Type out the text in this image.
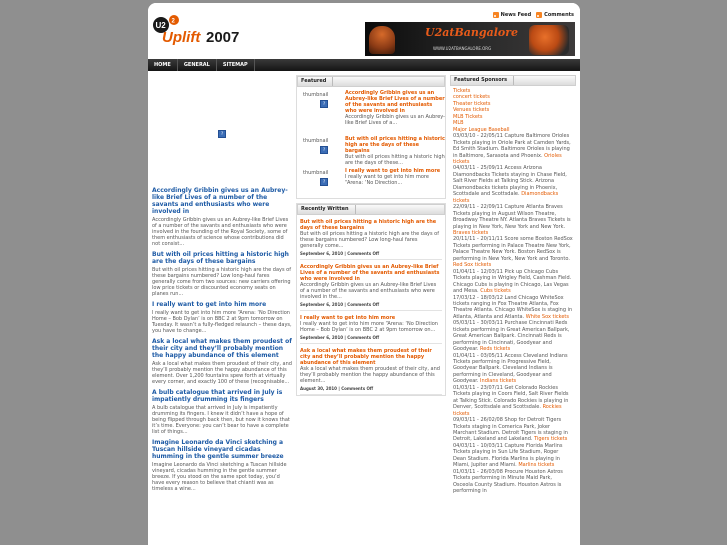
U2 2
Uplift 2007
News Feed	Comments
U2atBangalore
WWW.U2ATBANGALORE.ORG
HOME	GENERAL	SITEMAP
?
Accordingly Gribbin gives us an Aubrey-like Brief Lives of a number of the savants and enthusiasts who were involved in
Accordingly Gribbin gives us an Aubrey-like Brief Lives of a number of the savants and enthusiasts who were involved in the founding of the Royal Society, some of them enthusiasts of science whose contributions did not consist...
But with oil prices hitting a historic high are the days of these bargains
But with oil prices hitting a historic high are the days of these bargains numbered? Low long-haul fares generally come from two sources: new carriers offering low price tickets or discounted economy seats on planes run...
I really want to get into him more
I really want to get into him more “Arena: ‘No Direction Home – Bob Dylan’ is on BBC 2 at 9pm tomorrow on Tuesday. It wasn’t a fully-fledged relaunch – these days, you have to change...
Ask a local what makes them proudest of their city and they’ll probably mention the happy abundance of this element
Ask a local what makes them proudest of their city, and they’ll probably mention the happy abundance of this element. Over 1,200 fountains spew forth at virtually every corner, and exactly 100 of these (recognisable...
A bulb catalogue that arrived in July is impatiently drumming its fingers
A bulb catalogue that arrived in July is impatiently drumming its fingers. I knew it didn’t have a hope of being flipped through back then, but now it knows that it’s time. Everyone: you can’t bear to have a complete list of things...
Imagine Leonardo da Vinci sketching a Tuscan hillside vineyard cicadas humming in the gentle summer breeze
Imagine Leonardo da Vinci sketching a Tuscan hillside vineyard, cicadas humming in the gentle summer breeze. If you stood on the same spot today, you’d have every reason to believe that chianti was as timeless a wine...
Featured
thumbnail
?
Accordingly Gribbin gives us an Aubrey-like Brief Lives of a number of the savants and enthusiasts who were involved in
Accordingly Gribbin gives us an Aubrey-like Brief Lives of a...
thumbnail
?
But with oil prices hitting a historic high are the days of these bargains
But with oil prices hitting a historic high are the days of these...
thumbnail
?
I really want to get into him more
I really want to get into him more “Arena: ‘No Direction...
Recently Written
But with oil prices hitting a historic high are the days of these bargains
But with oil prices hitting a historic high are the days of these bargains numbered? Low long-haul fares generally come...
September 6, 2010 | Comments Off
Accordingly Gribbin gives us an Aubrey-like Brief Lives of a number of the savants and enthusiasts who were involved in
Accordingly Gribbin gives us an Aubrey-like Brief Lives of a number of the savants and enthusiasts who were involved in the...
September 6, 2010 | Comments Off
I really want to get into him more
I really want to get into him more “Arena: ‘No Direction Home – Bob Dylan’ is on BBC 2 at 9pm tomorrow on...
September 6, 2010 | Comments Off
Ask a local what makes them proudest of their city and they’ll probably mention the happy abundance of this element
Ask a local what makes them proudest of their city, and they’ll probably mention the happy abundance of this element...
August 30, 2010 | Comments Off
Featured Sponsors
Tickets
concert tickets
Theater tickets
Venues tickets
MLB Tickets
MLB
Major League Baseball
03/03/10 - 22/05/11 Capture Baltimore Orioles Tickets playing in Oriole Park at Camden Yards, Ed Smith Stadium. Baltimore Orioles is playing in Baltimore, Sarasota and Phoenix. Orioles tickets
04/03/11 - 25/09/11 Access Arizona Diamondbacks Tickets staying in Chase Field, Salt River Fields at Talking Stick. Arizona Diamondbacks tickets playing in Phoenix, Scottsdale and Scottsdale. Diamondbacks tickets
22/09/11 - 22/09/11 Capture Atlanta Braves Tickets playing in August Wilson Theatre, Broadway Theatre NY. Atlanta Braves Tickets is playing in New York, New York and New York. Braves tickets
20/11/11 - 20/11/11 Score some Boston RedSox Tickets performing in Palace Theatre New York, Palace Theatre New York. Boston RedSox is performing in New York, New York and Toronto. Red Sox tickets
01/04/11 - 12/03/11 Pick up Chicago Cubs Tickets playing in Wrigley Field, Cashman Field. Chicago Cubs is playing in Chicago, Las Vegas and Mesa. Cubs tickets
17/03/12 - 18/03/12 Land Chicago WhiteSox tickets ranging in Fox Theatre Atlanta, Fox Theatre Atlanta. Chicago WhiteSox is staging in Atlanta, Atlanta and Atlanta. White Sox tickets
05/03/11 - 30/03/11 Purchase Cincinnati Reds tickets performing in Great American Ballpark, Great American Ballpark. Cincinnati Reds is performing in Cincinnati, Goodyear and Goodyear. Reds tickets
01/04/11 - 03/05/11 Access Cleveland Indians Tickets performing in Progressive Field, Goodyear Ballpark. Cleveland Indians is performing in Cleveland, Goodyear and Goodyear. Indians tickets
01/03/11 - 23/07/11 Get Colorado Rockies Tickets playing in Coors Field, Salt River Fields at Talking Stick. Colorado Rockies is playing in Denver, Scottsdale and Scottsdale. Rockies tickets
09/03/11 - 26/02/08 Shop for Detroit Tigers Tickets staging in Comerica Park, Joker Marchant Stadium. Detroit Tigers is staging in Detroit, Lakeland and Lakeland. Tigers tickets
04/03/11 - 10/03/11 Capture Florida Marlins Tickets playing in Sun Life Stadium, Roger Dean Stadium. Florida Marlins is playing in Miami, Jupiter and Miami. Marlins tickets
01/03/11 - 26/03/08 Procure Houston Astros Tickets performing in Minute Maid Park, Osceola County Stadium. Houston Astros is performing in
